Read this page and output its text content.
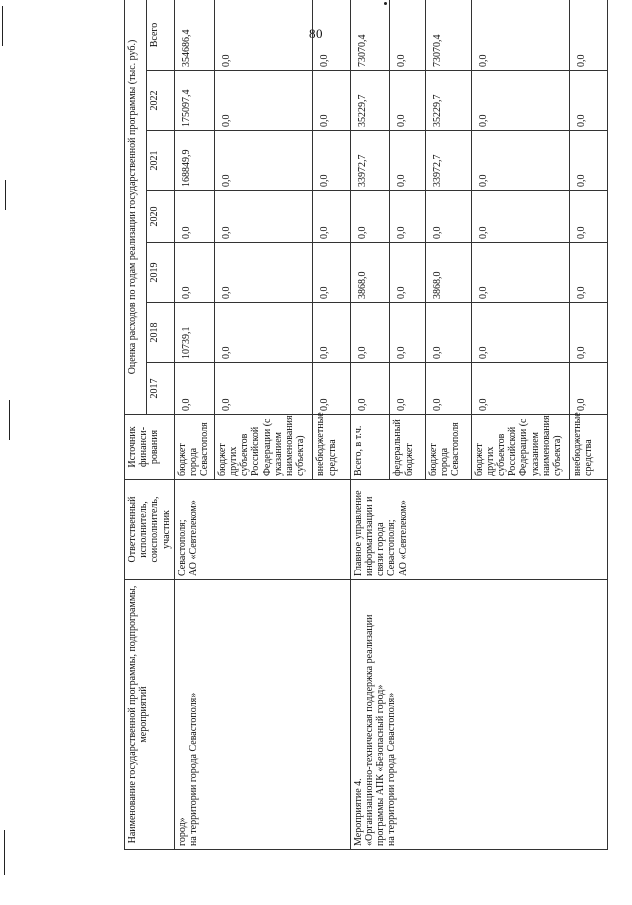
80
Наименование государственной программы, подпрограммы, мероприятий	Ответственный исполнитель, соисполнитель, участник	Источник финанси-рования	Оценка расходов по годам реализации государственной программы (тыс. руб.)						
			2017	2018	2019	2020	2021	2022	Всего
город»
на территории города Севастополя»	Севастополя;
АО «Севтелеком»	бюджет города Севастополя	0,0	10739,1	0,0	0,0	168849,9	175097,4	354686,4
		бюджет других субъектов Российской Федерации (с указанием наименования субъекта)	0,0	0,0	0,0	0,0	0,0	0,0	0,0
		внебюджетные средства	0,0	0,0	0,0	0,0	0,0	0,0	0,0
Мероприятие 4.
«Организационно-техническая поддержка реализации программы АПК «Безопасный город»
на территории города Севастополя»	Главное управление информатизации и связи города Севастополя;
АО «Севтелеком»	Всего, в т.ч.	0,0	0,0	3868,0	0,0	33972,7	35229,7	73070,4
		федеральный бюджет	0,0	0,0	0,0	0,0	0,0	0,0	0,0
		бюджет города Севастополя	0,0	0,0	3868,0	0,0	33972,7	35229,7	73070,4
		бюджет других субъектов Российской Федерации (с указанием наименования субъекта)	0,0	0,0	0,0	0,0	0,0	0,0	0,0
		внебюджетные средства	0,0	0,0	0,0	0,0	0,0	0,0	0,0
